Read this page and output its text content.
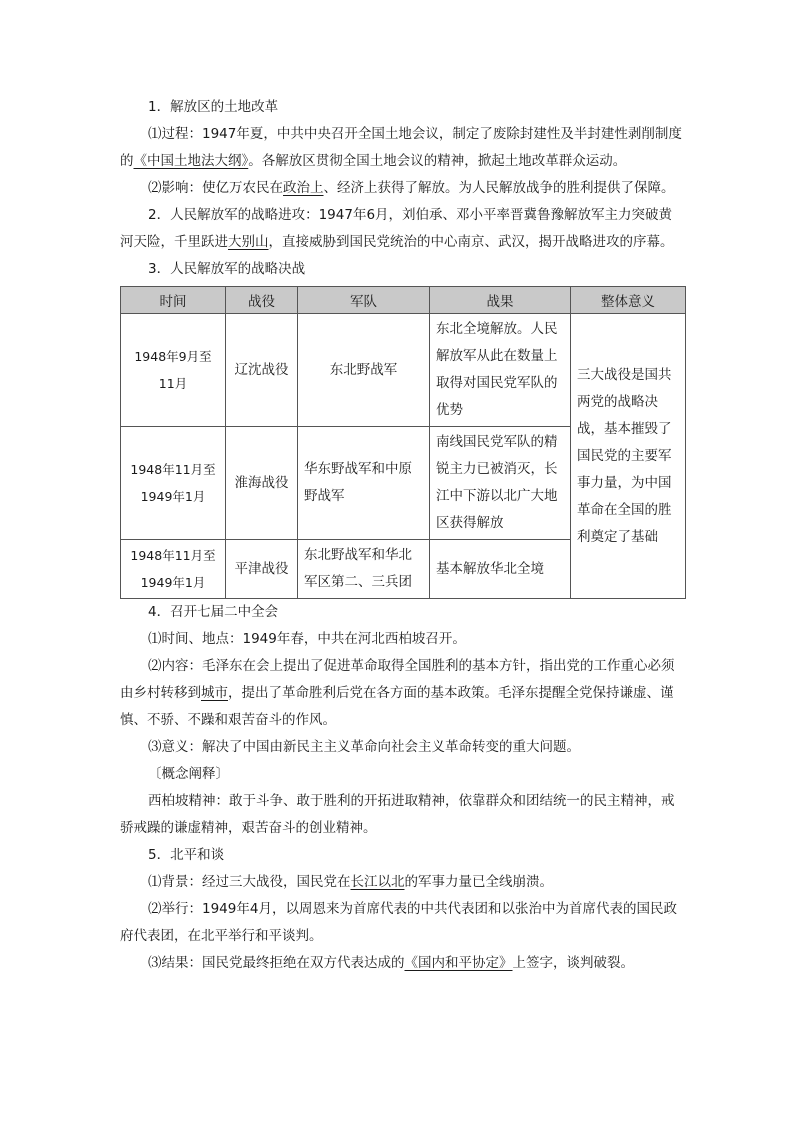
1．解放区的土地改革

⑴过程：1947年夏，中共中央召开全国土地会议，制定了废除封建性及半封建性剥削制度的《中国土地法大纲》。各解放区贯彻全国土地会议的精神，掀起土地改革群众运动。

⑵影响：使亿万农民在政治上、经济上获得了解放。为人民解放战争的胜利提供了保障。

2．人民解放军的战略进攻：1947年6月，刘伯承、邓小平率晋冀鲁豫解放军主力突破黄河天险，千里跃进大别山，直接威胁到国民党统治的中心南京、武汉，揭开战略进攻的序幕。

3．人民解放军的战略决战

时间	战役	军队	战果	整体意义
1948年9月至11月	辽沈战役	东北野战军	东北全境解放。人民解放军从此在数量上取得对国民党军队的优势	三大战役是国共两党的战略决战，基本摧毁了国民党的主要军事力量，为中国革命在全国的胜利奠定了基础
1948年11月至1949年1月	淮海战役	华东野战军和中原野战军	南线国民党军队的精锐主力已被消灭，长江中下游以北广大地区获得解放	
1948年11月至1949年1月	平津战役	东北野战军和华北军区第二、三兵团	基本解放华北全境	

4．召开七届二中全会

⑴时间、地点：1949年春，中共在河北西柏坡召开。

⑵内容：毛泽东在会上提出了促进革命取得全国胜利的基本方针，指出党的工作重心必须由乡村转移到城市，提出了革命胜利后党在各方面的基本政策。毛泽东提醒全党保持谦虚、谨慎、不骄、不躁和艰苦奋斗的作风。

⑶意义：解决了中国由新民主主义革命向社会主义革命转变的重大问题。

〔概念阐释〕

西柏坡精神：敢于斗争、敢于胜利的开拓进取精神，依靠群众和团结统一的民主精神，戒骄戒躁的谦虚精神，艰苦奋斗的创业精神。

5．北平和谈

⑴背景：经过三大战役，国民党在长江以北的军事力量已全线崩溃。

⑵举行：1949年4月，以周恩来为首席代表的中共代表团和以张治中为首席代表的国民政府代表团，在北平举行和平谈判。

⑶结果：国民党最终拒绝在双方代表达成的《国内和平协定》上签字，谈判破裂。
